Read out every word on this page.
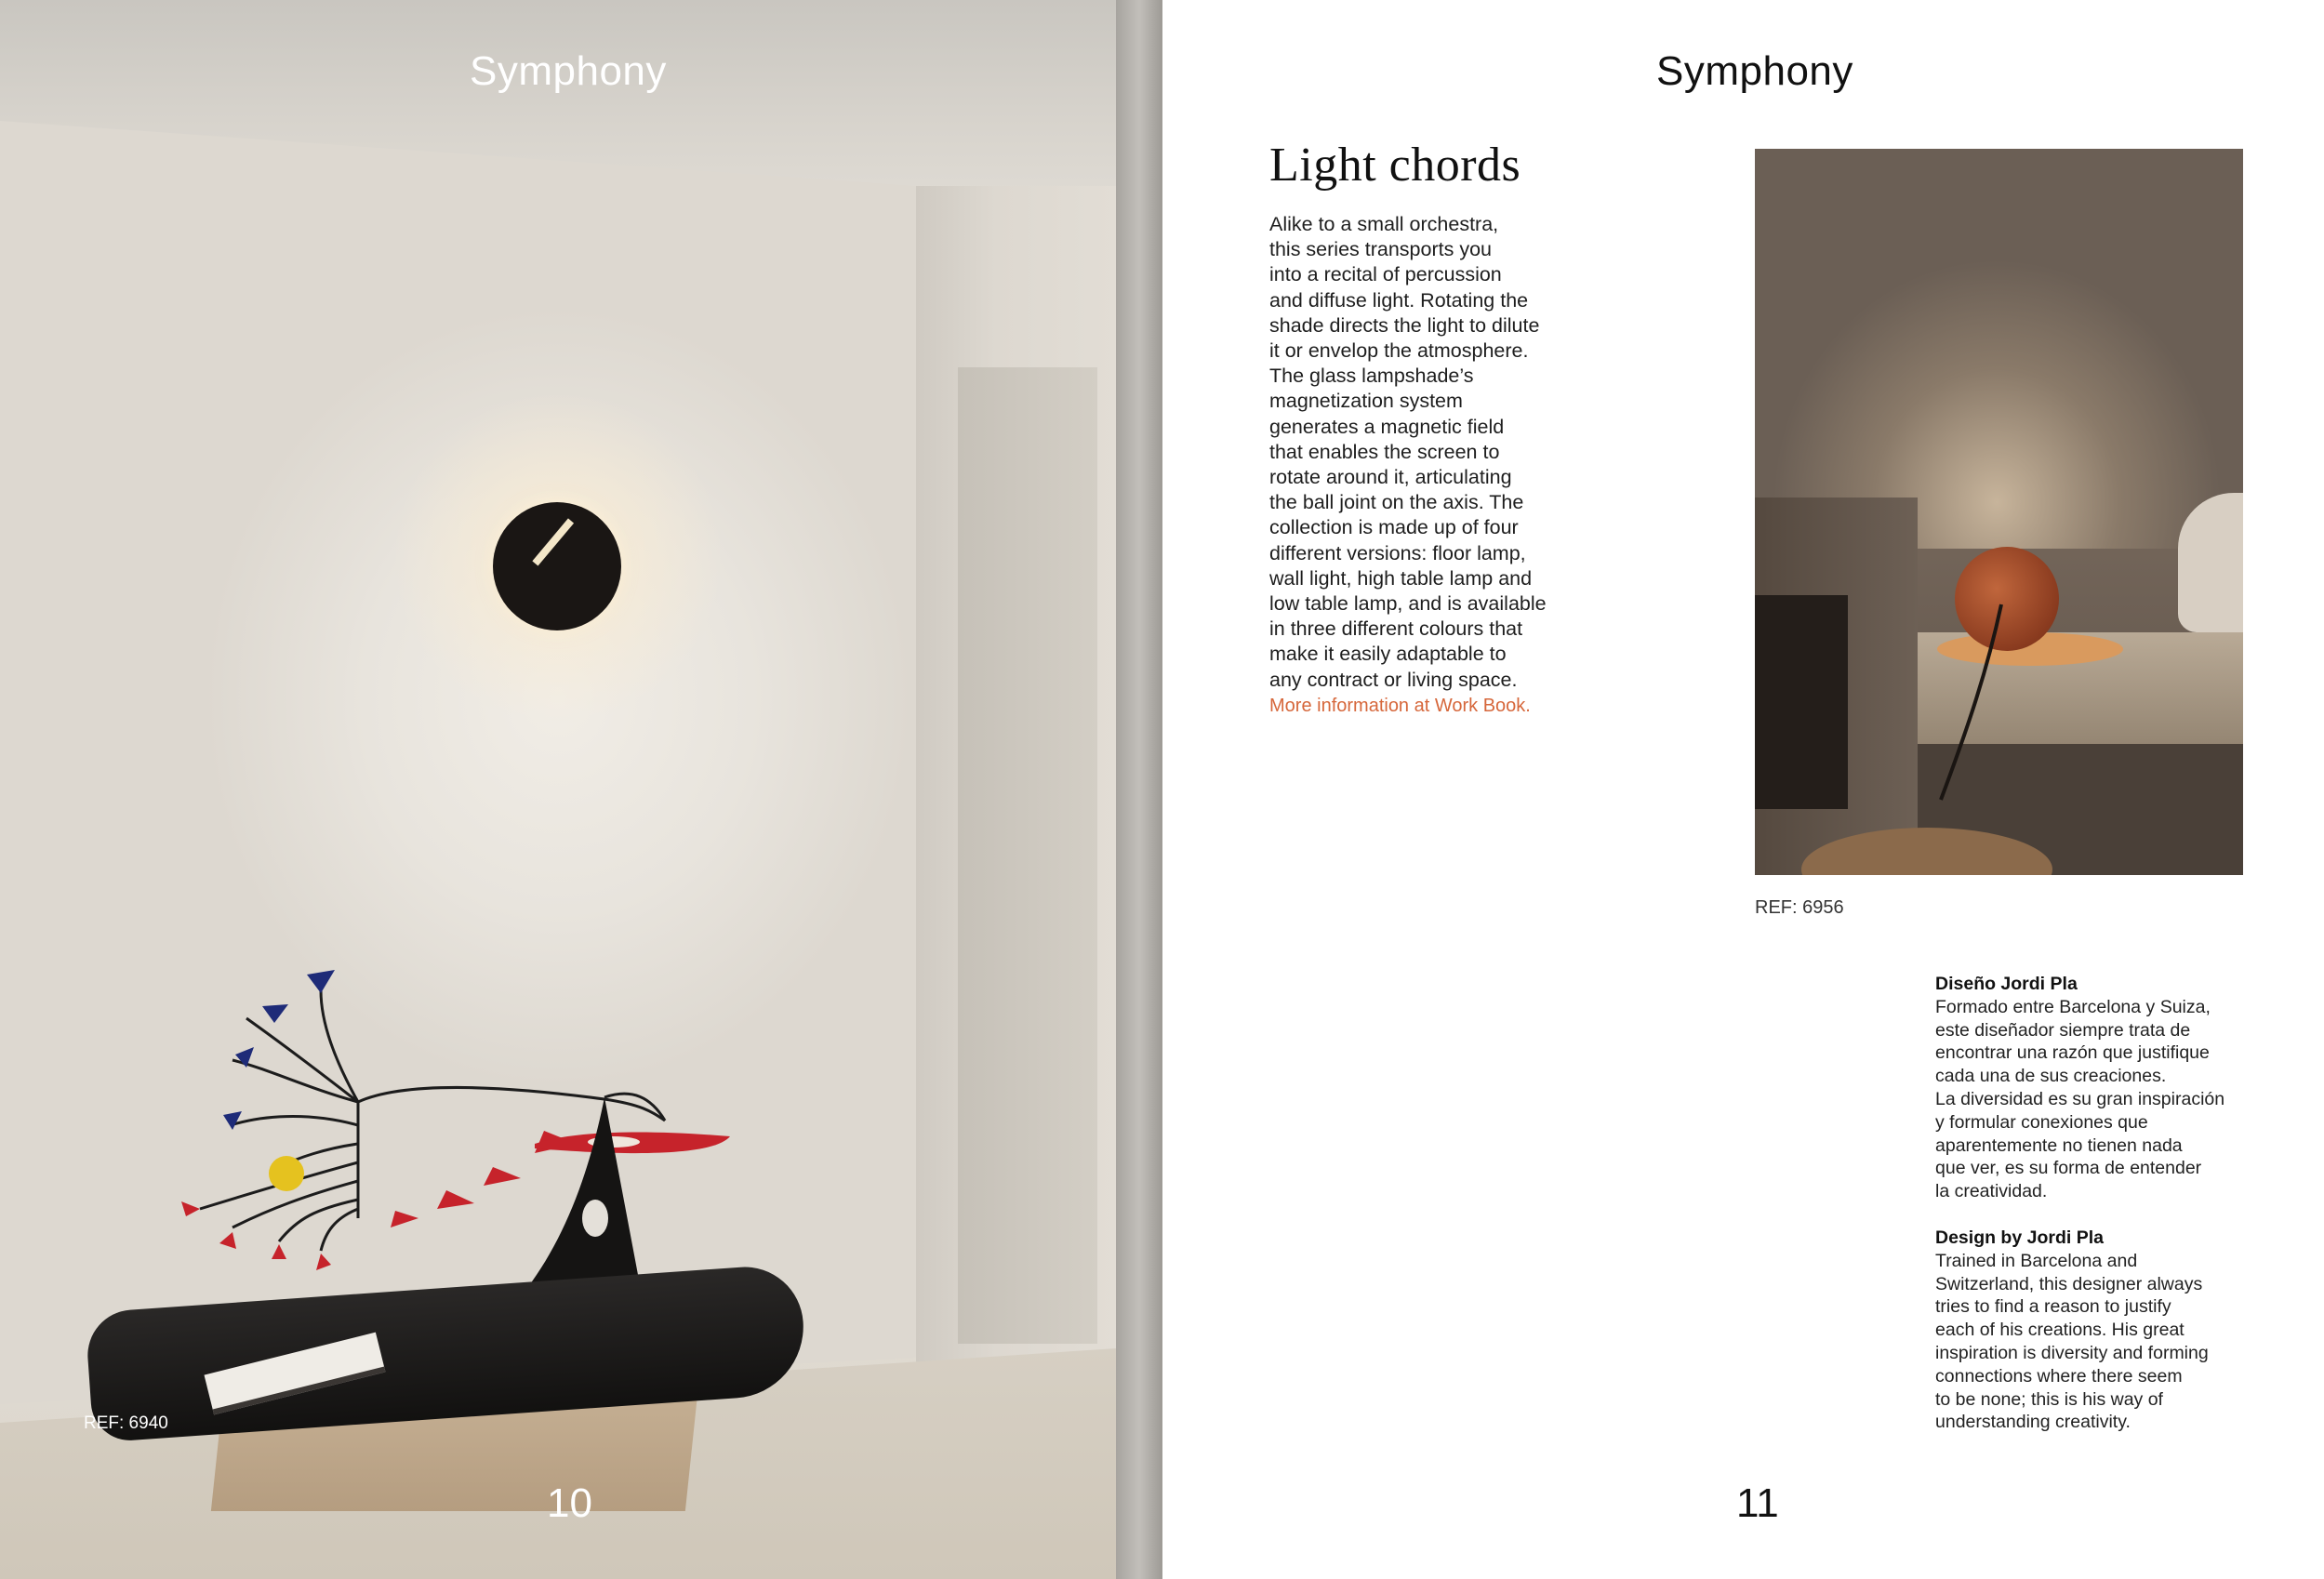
Symphony
REF: 6940
10
Symphony
Light chords
Alike to a small orchestra,
this series transports you
into a recital of percussion
and diffuse light. Rotating the
shade directs the light to dilute
it or envelop the atmosphere.
The glass lampshade’s
magnetization system
generates a magnetic field
that enables the screen to
rotate around it, articulating
the ball joint on the axis. The
collection is made up of four
different versions: floor lamp,
wall light, high table lamp and
low table lamp, and is available
in three different colours that
make it easily adaptable to
any contract or living space.
More information at Work Book.
REF: 6956
Diseño Jordi Pla
Formado entre Barcelona y Suiza,
este diseñador siempre trata de
encontrar una razón que justifique
cada una de sus creaciones.
La diversidad es su gran inspiración
y formular conexiones que
aparentemente no tienen nada
que ver, es su forma de entender
la creatividad.
Design by Jordi Pla
Trained in Barcelona and
Switzerland, this designer always
tries to find a reason to justify
each of his creations. His great
inspiration is diversity and forming
connections where there seem
to be none; this is his way of
understanding creativity.
11
